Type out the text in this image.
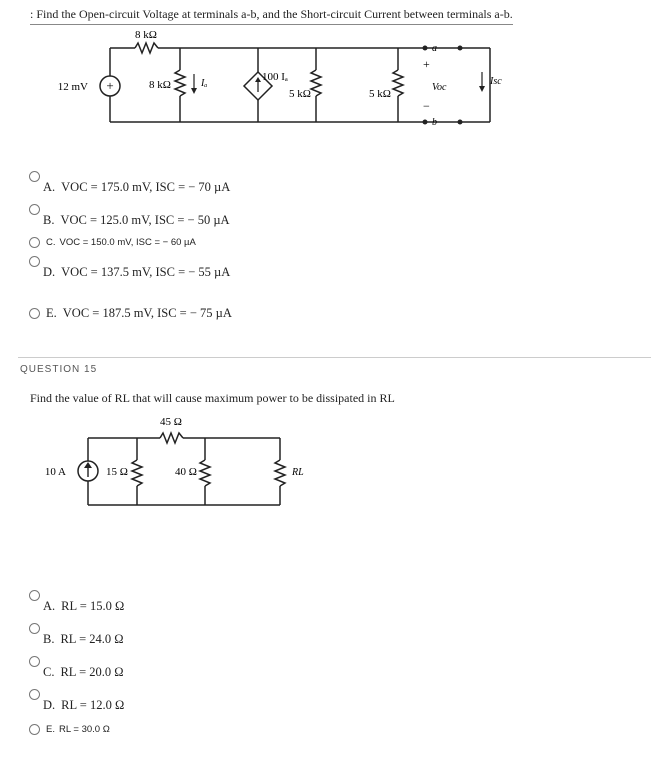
: Find the Open-circuit Voltage at terminals a-b, and the Short-circuit Current between terminals a-b.
+
12 mV
8 kΩ
8 kΩ	Iₐ
100 Iₐ
5 kΩ	5 kΩ
a
b
+
−
Voc
Isc
A. VOC = 175.0 mV, ISC = − 70 µA
B. VOC = 125.0 mV, ISC = − 50 µA
C. VOC = 150.0 mV, ISC = − 60 µA
D. VOC = 137.5 mV, ISC = − 55 µA
E. VOC = 187.5 mV, ISC = − 75 µA
QUESTION 15
Find the value of RL that will cause maximum power to be dissipated in RL
10 A	15 Ω
45 Ω
40 Ω	RL
A. RL = 15.0 Ω
B. RL = 24.0 Ω
C. RL = 20.0 Ω
D. RL = 12.0 Ω
E. RL = 30.0 Ω
